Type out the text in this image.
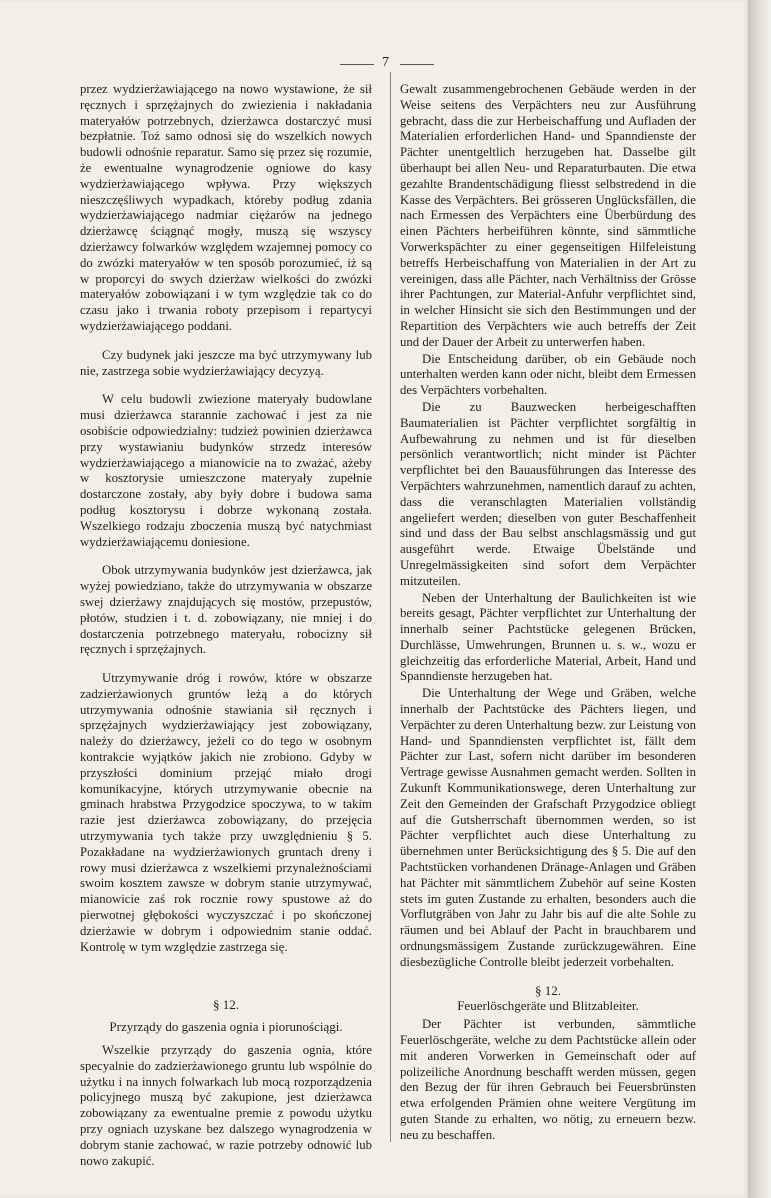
7

przez wydzierżawiającego na nowo wystawione, że sił ręcznych i sprzężajnych do zwiezienia i nakładania materyałów potrzebnych, dzierżawca dostarczyć musi bezpłatnie. Toż samo odnosi się do wszelkich nowych budowli odnośnie reparatur. Samo się przez się rozumie, że ewentualne wynagrodzenie ogniowe do kasy wydzierżawiającego wpływa. Przy większych nieszczęśliwych wypadkach, któreby podług zdania wydzierżawiającego nadmiar ciężarów na jednego dzierżawcę ściągnąć mogły, muszą się wszyscy dzierżawcy folwarków względem wzajemnej pomocy co do zwózki materyałów w ten sposób porozumieć, iż są w proporcyi do swych dzierżaw wielkości do zwózki materyałów zobowiązani i w tym względzie tak co do czasu jako i trwania roboty przepisom i repartycyi wydzierżawiającego poddani.

Czy budynek jaki jeszcze ma być utrzymywany lub nie, zastrzega sobie wydzierżawiający decyzyą.

W celu budowli zwiezione materyały budowlane musi dzierżawca starannie zachować i jest za nie osobiście odpowiedzialny: tudzież powinien dzierżawca przy wystawianiu budynków strzedz interesów wydzierżawiającego a mianowicie na to zważać, ażeby w kosztorysie umieszczone materyały zupełnie dostarczone zostały, aby były dobre i budowa sama podług kosztorysu i dobrze wykonaną została. Wszelkiego rodzaju zboczenia muszą być natychmiast wydzierżawiającemu doniesione.

Obok utrzymywania budynków jest dzierżawca, jak wyżej powiedziano, także do utrzymywania w obszarze swej dzierżawy znajdujących się mostów, przepustów, płotów, studzien i t. d. zobowiązany, nie mniej i do dostarczenia potrzebnego materyału, robocizny sił ręcznych i sprzężajnych.

Utrzymywanie dróg i rowów, które w obszarze zadzierżawionych gruntów leżą a do których utrzymywania odnośnie stawiania sił ręcznych i sprzężajnych wydzierżawiający jest zobowiązany, należy do dzierżawcy, jeżeli co do tego w osobnym kontrakcie wyjątków jakich nie zrobiono. Gdyby w przyszłości dominium przejąć miało drogi komunikacyjne, których utrzymywanie obecnie na gminach hrabstwa Przygodzice spoczywa, to w takim razie jest dzierżawca zobowiązany, do przejęcia utrzymywania tych także przy uwzględnieniu § 5. Pozakładane na wydzierżawionych gruntach dreny i rowy musi dzierżawca z wszelkiemi przynależnościami swoim kosztem zawsze w dobrym stanie utrzymywać, mianowicie zaś rok rocznie rowy spustowe aż do pierwotnej głębokości wyczyszczać i po skończonej dzierżawie w dobrym i odpowiednim stanie oddać. Kontrolę w tym względzie zastrzega się.

§ 12.
Przyrządy do gaszenia ognia i piorunościągi.

Wszelkie przyrządy do gaszenia ognia, które specyalnie do zadzierżawionego gruntu lub wspólnie do użytku i na innych folwarkach lub mocą rozporządzenia policyjnego muszą być zakupione, jest dzierżawca zobowiązany za ewentualne premie z powodu użytku przy ogniach uzyskane bez dalszego wynagrodzenia w dobrym stanie zachować, w razie potrzeby odnowić lub nowo zakupić.

Gewalt zusammengebrochenen Gebäude werden in der Weise seitens des Verpächters neu zur Ausführung gebracht, dass die zur Herbeischaffung und Aufladen der Materialien erforderlichen Hand- und Spanndienste der Pächter unentgeltlich herzugeben hat. Dasselbe gilt überhaupt bei allen Neu- und Reparaturbauten. Die etwa gezahlte Brandentschädigung fliesst selbstredend in die Kasse des Verpächters. Bei grösseren Unglücksfällen, die nach Ermessen des Verpächters eine Überbürdung des einen Pächters herbeiführen könnte, sind sämmtliche Vorwerkspächter zu einer gegenseitigen Hilfeleistung betreffs Herbeischaffung von Materialien in der Art zu vereinigen, dass alle Pächter, nach Verhältniss der Grösse ihrer Pachtungen, zur Material-Anfuhr verpflichtet sind, in welcher Hinsicht sie sich den Bestimmungen und der Repartition des Verpächters wie auch betreffs der Zeit und der Dauer der Arbeit zu unterwerfen haben.

Die Entscheidung darüber, ob ein Gebäude noch unterhalten werden kann oder nicht, bleibt dem Ermessen des Verpächters vorbehalten.

Die zu Bauzwecken herbeigeschafften Baumaterialien ist Pächter verpflichtet sorgfältig in Aufbewahrung zu nehmen und ist für dieselben persönlich verantwortlich; nicht minder ist Pächter verpflichtet bei den Bauausführungen das Interesse des Verpächters wahrzunehmen, namentlich darauf zu achten, dass die veranschlagten Materialien vollständig angeliefert werden; dieselben von guter Beschaffenheit sind und dass der Bau selbst anschlagsmässig und gut ausgeführt werde. Etwaige Übelstände und Unregelmässigkeiten sind sofort dem Verpächter mitzuteilen.

Neben der Unterhaltung der Baulichkeiten ist wie bereits gesagt, Pächter verpflichtet zur Unterhaltung der innerhalb seiner Pachtstücke gelegenen Brücken, Durchlässe, Umwehrungen, Brunnen u. s. w., wozu er gleichzeitig das erforderliche Material, Arbeit, Hand und Spanndienste herzugeben hat.

Die Unterhaltung der Wege und Gräben, welche innerhalb der Pachtstücke des Pächters liegen, und Verpächter zu deren Unterhaltung bezw. zur Leistung von Hand- und Spanndiensten verpflichtet ist, fällt dem Pächter zur Last, sofern nicht darüber im besonderen Vertrage gewisse Ausnahmen gemacht werden. Sollten in Zukunft Kommunikationswege, deren Unterhaltung zur Zeit den Gemeinden der Grafschaft Przygodzice obliegt auf die Gutsherrschaft übernommen werden, so ist Pächter verpflichtet auch diese Unterhaltung zu übernehmen unter Berücksichtigung des § 5. Die auf den Pachtstücken vorhandenen Dränage-Anlagen und Gräben hat Pächter mit sämmtlichem Zubehör auf seine Kosten stets im guten Zustande zu erhalten, besonders auch die Vorflutgräben von Jahr zu Jahr bis auf die alte Sohle zu räumen und bei Ablauf der Pacht in brauchbarem und ordnungsmässigem Zustande zurückzugewähren. Eine diesbezügliche Controlle bleibt jederzeit vorbehalten.

§ 12.
Feuerlöschgeräte und Blitzableiter.

Der Pächter ist verbunden, sämmtliche Feuerlöschgeräte, welche zu dem Pachtstücke allein oder mit anderen Vorwerken in Gemeinschaft oder auf polizeiliche Anordnung beschafft werden müssen, gegen den Bezug der für ihren Gebrauch bei Feuersbrünsten etwa erfolgenden Prämien ohne weitere Vergütung im guten Stande zu erhalten, wo nötig, zu erneuern bezw. neu zu beschaffen.
